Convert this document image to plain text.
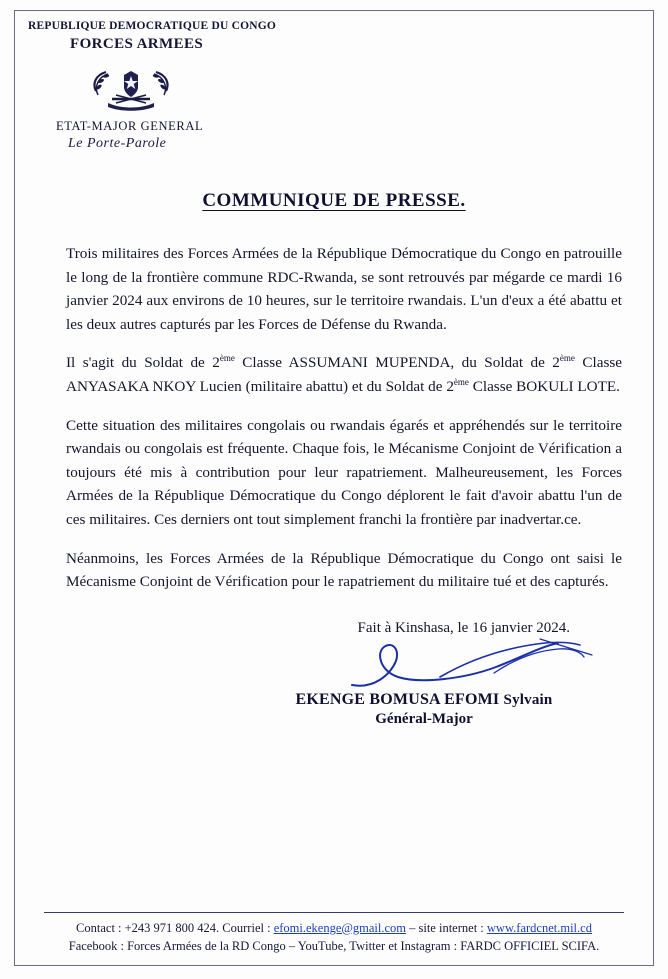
REPUBLIQUE DEMOCRATIQUE DU CONGO
FORCES ARMEES
ETAT-MAJOR GENERAL
Le Porte-Parole
COMMUNIQUE DE PRESSE.

Trois militaires des Forces Armées de la République Démocratique du Congo en patrouille le long de la frontière commune RDC-Rwanda, se sont retrouvés par mégarde ce mardi 16 janvier 2024 aux environs de 10 heures, sur le territoire rwandais. L'un d'eux a été abattu et les deux autres capturés par les Forces de Défense du Rwanda.

Il s'agit du Soldat de 2ème Classe ASSUMANI MUPENDA, du Soldat de 2ème Classe ANYASAKA NKOY Lucien (militaire abattu) et du Soldat de 2ème Classe BOKULI LOTE.

Cette situation des militaires congolais ou rwandais égarés et appréhendés sur le territoire rwandais ou congolais est fréquente. Chaque fois, le Mécanisme Conjoint de Vérification a toujours été mis à contribution pour leur rapatriement. Malheureusement, les Forces Armées de la République Démocratique du Congo déplorent le fait d'avoir abattu l'un de ces militaires. Ces derniers ont tout simplement franchi la frontière par inadvertar.ce.

Néanmoins, les Forces Armées de la République Démocratique du Congo ont saisi le Mécanisme Conjoint de Vérification pour le rapatriement du militaire tué et des capturés.

Fait à Kinshasa, le 16 janvier 2024.
EKENGE BOMUSA EFOMI Sylvain
Général-Major
Contact : +243 971 800 424. Courriel : efomi.ekenge@gmail.com – site internet : www.fardcnet.mil.cd
Facebook : Forces Armées de la RD Congo – YouTube, Twitter et Instagram : FARDC OFFICIEL SCIFA.
